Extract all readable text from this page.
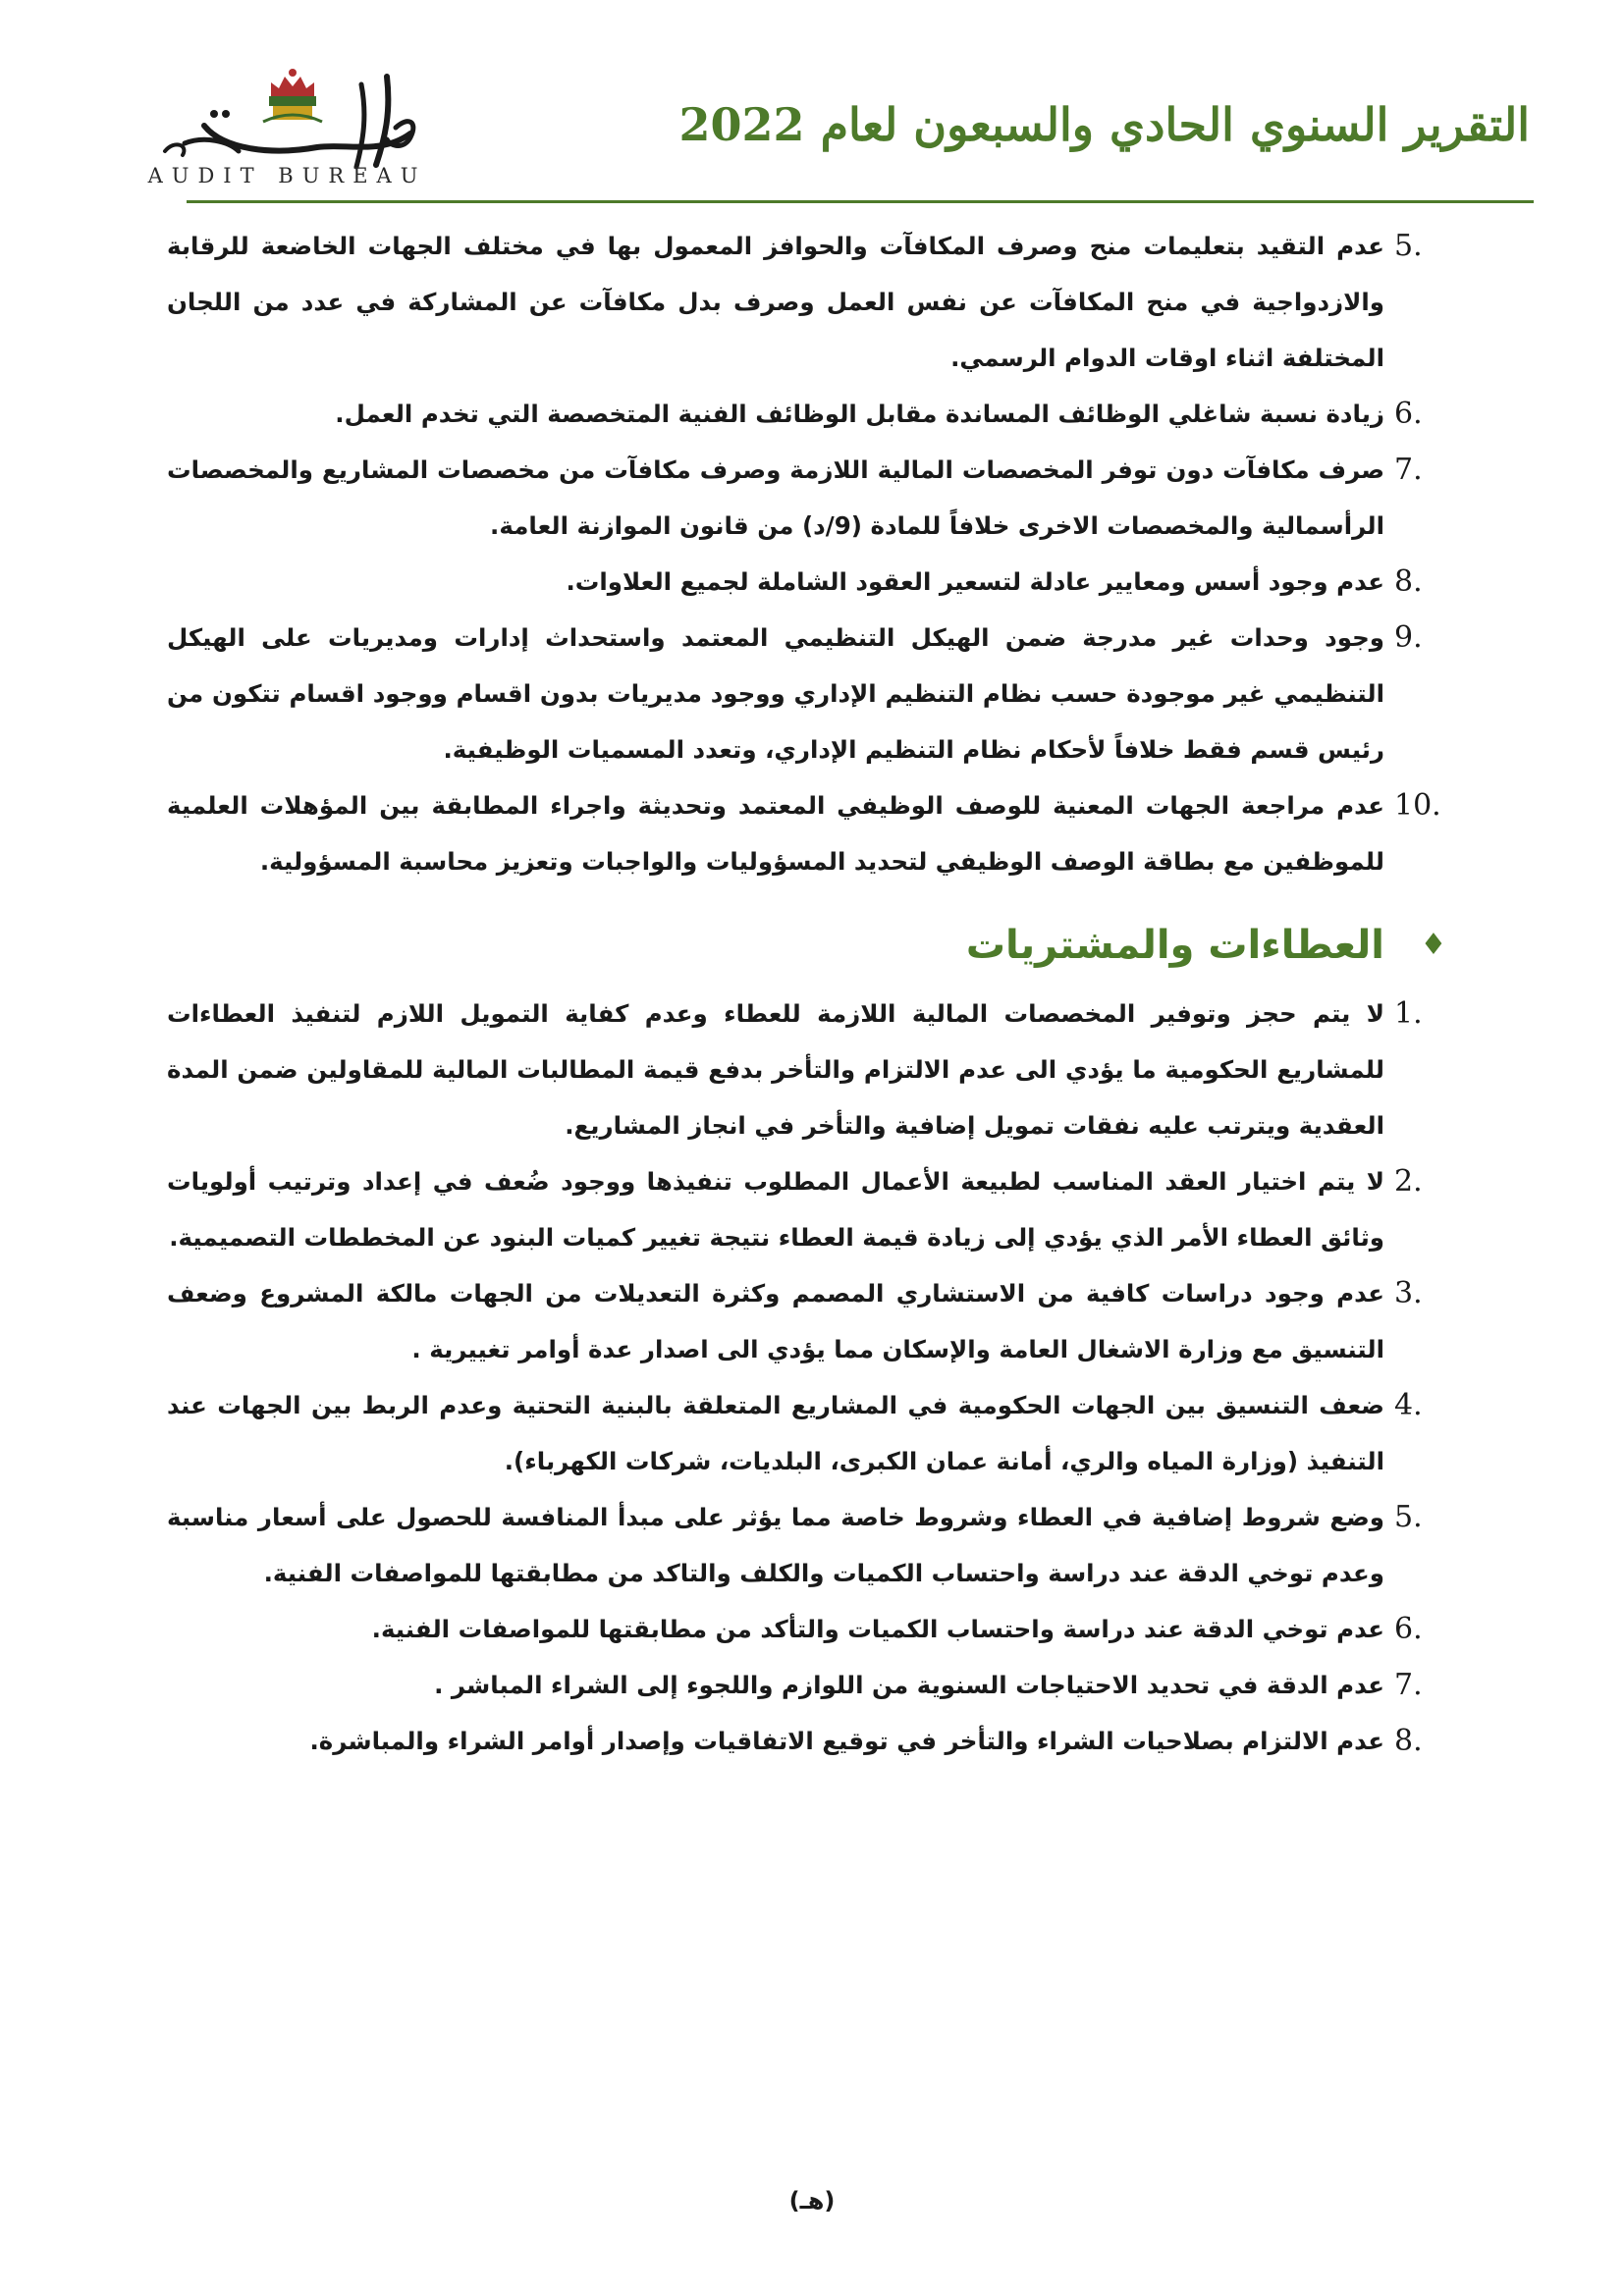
AUDIT BUREAU
التقرير السنوي الحادي والسبعون لعام 2022
5.
عدم التقيد بتعليمات منح وصرف المكافآت والحوافز المعمول بها في مختلف الجهات الخاضعة للرقابة والازدواجية في منح المكافآت عن نفس العمل وصرف بدل مكافآت عن المشاركة في عدد من اللجان المختلفة اثناء اوقات الدوام الرسمي.
6.
زيادة نسبة شاغلي الوظائف المساندة مقابل الوظائف الفنية المتخصصة التي تخدم العمل.
7.
صرف مكافآت دون توفر المخصصات المالية اللازمة وصرف مكافآت من مخصصات المشاريع والمخصصات الرأسمالية والمخصصات الاخرى خلافاً للمادة (9/د) من قانون الموازنة العامة.
8.
عدم وجود أسس ومعايير عادلة لتسعير العقود الشاملة لجميع العلاوات.
9.
وجود وحدات غير مدرجة ضمن الهيكل التنظيمي المعتمد واستحداث إدارات ومديريات على الهيكل التنظيمي غير موجودة حسب نظام التنظيم الإداري ووجود مديريات بدون اقسام ووجود اقسام تتكون من رئيس قسم فقط خلافاً لأحكام نظام التنظيم الإداري، وتعدد المسميات الوظيفية.
10.
عدم مراجعة الجهات المعنية للوصف الوظيفي المعتمد وتحديثة واجراء المطابقة بين المؤهلات العلمية للموظفين مع بطاقة الوصف الوظيفي لتحديد المسؤوليات والواجبات وتعزيز محاسبة المسؤولية.
♦
العطاءات والمشتريات
1.
لا يتم حجز وتوفير المخصصات المالية اللازمة للعطاء وعدم كفاية التمويل اللازم لتنفيذ العطاءات للمشاريع الحكومية ما يؤدي الى عدم الالتزام والتأخر بدفع قيمة المطالبات المالية للمقاولين ضمن المدة العقدية ويترتب عليه نفقات تمويل إضافية والتأخر في انجاز المشاريع.
2.
لا يتم اختيار العقد المناسب لطبيعة الأعمال المطلوب تنفيذها ووجود ضُعف في إعداد وترتيب أولويات وثائق العطاء الأمر الذي يؤدي إلى زيادة قيمة العطاء نتيجة تغيير كميات البنود عن المخططات التصميمية.
3.
عدم وجود دراسات كافية من الاستشاري المصمم وكثرة التعديلات من الجهات مالكة المشروع وضعف التنسيق مع وزارة الاشغال العامة والإسكان مما يؤدي الى اصدار عدة أوامر تغييرية .
4.
ضعف التنسيق بين الجهات الحكومية في المشاريع المتعلقة بالبنية التحتية وعدم الربط بين الجهات عند التنفيذ (وزارة المياه والري، أمانة عمان الكبرى، البلديات، شركات الكهرباء).
5.
وضع شروط إضافية في العطاء وشروط خاصة مما يؤثر على مبدأ المنافسة للحصول على أسعار مناسبة وعدم توخي الدقة عند دراسة واحتساب الكميات والكلف والتاكد من مطابقتها للمواصفات الفنية.
6.
عدم توخي الدقة عند دراسة واحتساب الكميات والتأكد من مطابقتها للمواصفات الفنية.
7.
عدم الدقة في تحديد الاحتياجات السنوية من اللوازم واللجوء إلى الشراء المباشر .
8.
عدم الالتزام بصلاحيات الشراء والتأخر في توقيع الاتفاقيات وإصدار أوامر الشراء والمباشرة.
(هـ)
